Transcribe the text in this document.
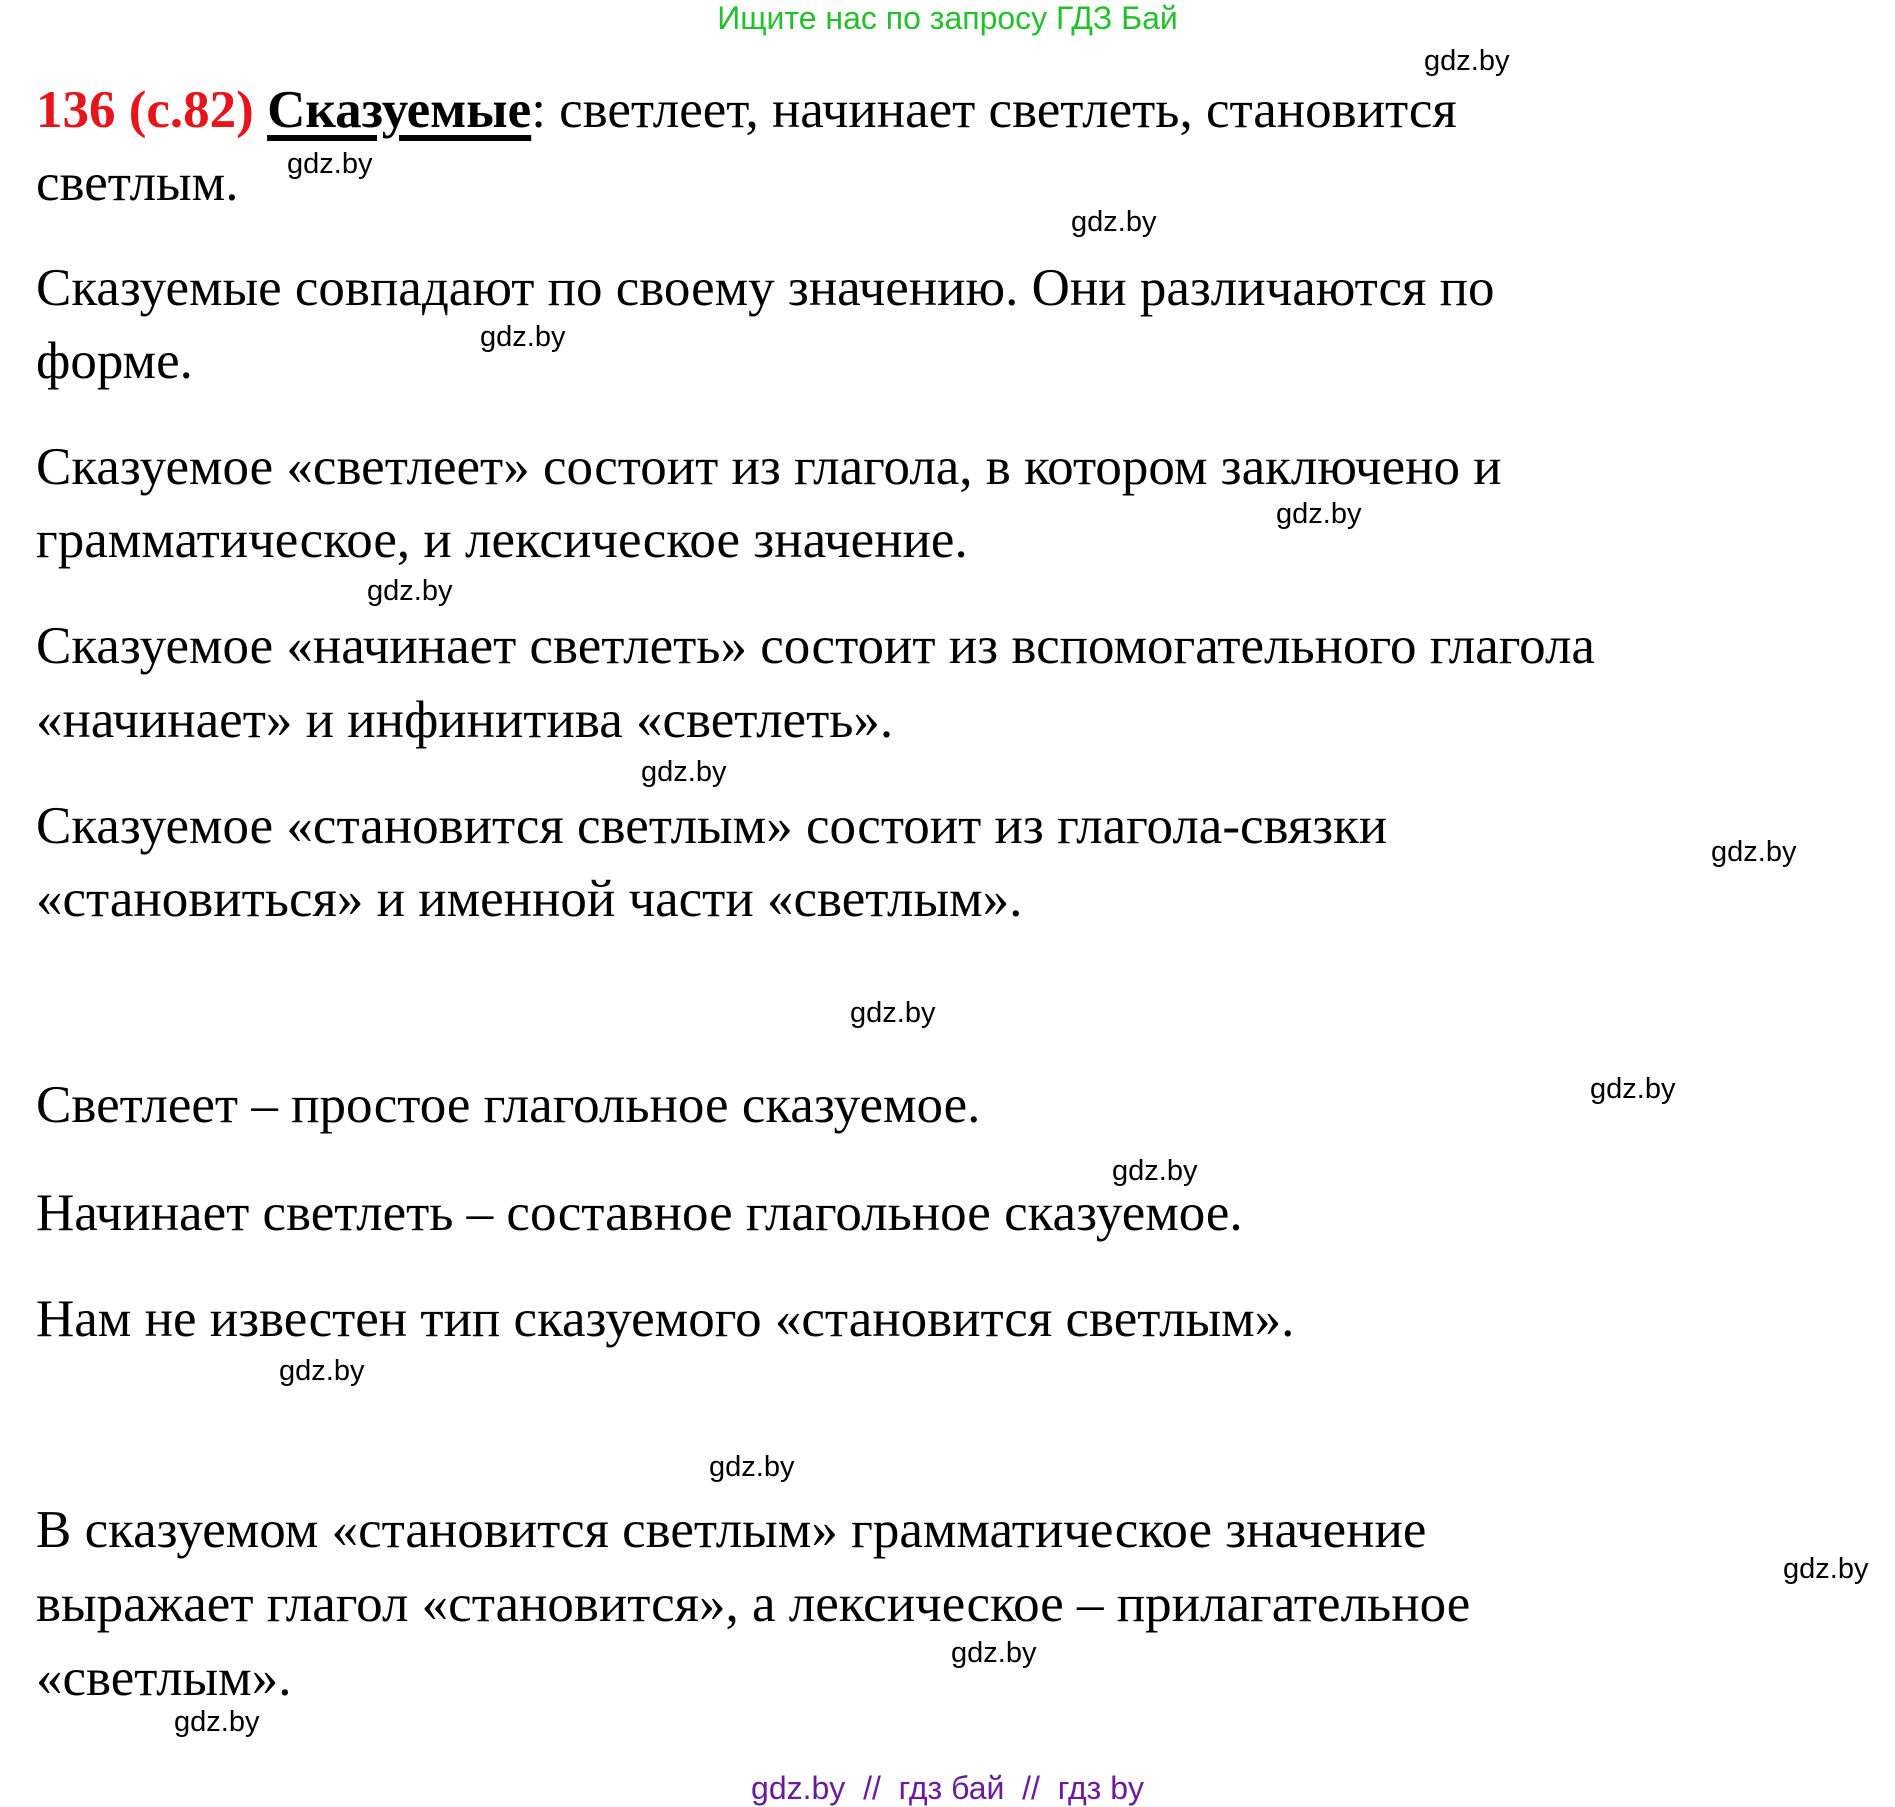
Ищите нас по запросу ГДЗ Бай
136 (с.82) Сказуемые: светлеет, начинает светлеть, становится
светлым.
Сказуемые совпадают по своему значению. Они различаются по
форме.
Сказуемое «светлеет» состоит из глагола, в котором заключено и
грамматическое, и лексическое значение.
Сказуемое «начинает светлеть» состоит из вспомогательного глагола
«начинает» и инфинитива «светлеть».
Сказуемое «становится светлым» состоит из глагола-связки
«становиться» и именной части «светлым».
Светлеет – простое глагольное сказуемое.
Начинает светлеть – составное глагольное сказуемое.
Нам не известен тип сказуемого «становится светлым».
В сказуемом «становится светлым» грамматическое значение
выражает глагол «становится», а лексическое – прилагательное
«светлым».
gdz.by
gdz.by
gdz.by
gdz.by
gdz.by
gdz.by
gdz.by
gdz.by
gdz.by
gdz.by
gdz.by
gdz.by
gdz.by
gdz.by
gdz.by
gdz.by
gdz.by  //  гдз бай  //  гдз by
